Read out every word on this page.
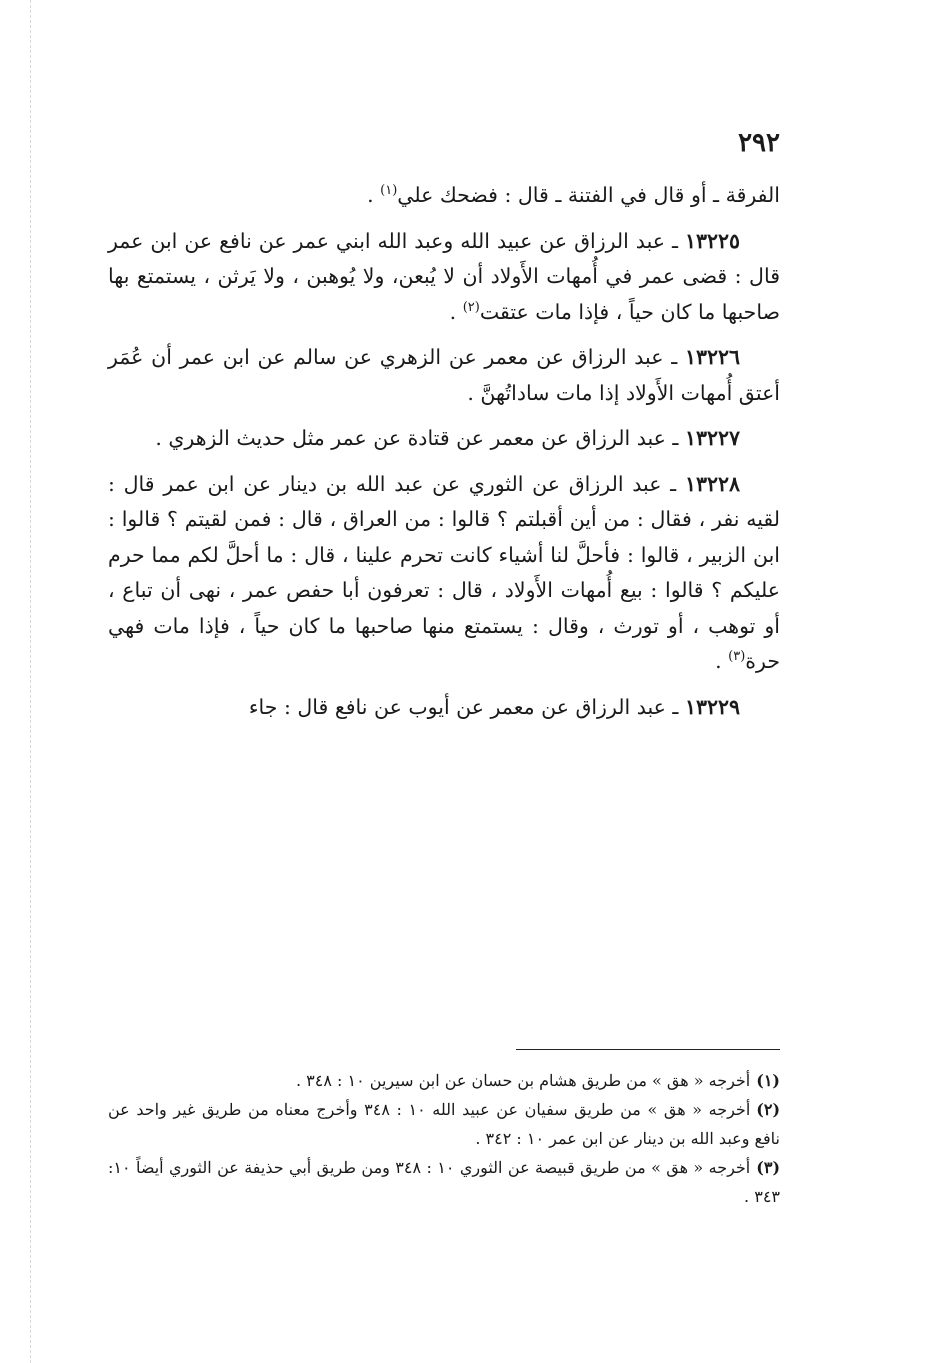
٢٩٢

الفرقة ـ أو قال في الفتنة ـ قال : فضحك علي$^{(١)}$ .

١٣٢٢٥ ـ عبد الرزاق عن عبيد الله وعبد الله ابني عمر عن نافع عن ابن عمر قال : قضى عمر في أُمهات الأَولاد أن لا يُبعن، ولا يُوهبن ، ولا يَرثن ، يستمتع بها صاحبها ما كان حياً ، فإذا مات عتقت$^{(٢)}$ .

١٣٢٢٦ ـ عبد الرزاق عن معمر عن الزهري عن سالم عن ابن عمر أن عُمَر أعتق أُمهات الأَولاد إذا مات ساداتُهنَّ .

١٣٢٢٧ ـ عبد الرزاق عن معمر عن قتادة عن عمر مثل حديث الزهري .

١٣٢٢٨ ـ عبد الرزاق عن الثوري عن عبد الله بن دينار عن ابن عمر قال : لقيه نفر ، فقال : من أين أقبلتم ؟ قالوا : من العراق ، قال : فمن لقيتم ؟ قالوا : ابن الزبير ، قالوا : فأحلَّ لنا أشياء كانت تحرم علينا ، قال : ما أحلَّ لكم مما حرم عليكم ؟ قالوا : بيع أُمهات الأَولاد ، قال : تعرفون أبا حفص عمر ، نهى أن تباع ، أو توهب ، أو تورث ، وقال : يستمتع منها صاحبها ما كان حياً ، فإذا مات فهي حرة$^{(٣)}$ .

١٣٢٢٩ ـ عبد الرزاق عن معمر عن أيوب عن نافع قال : جاء

(١)أخرجه « هق » من طريق هشام بن حسان عن ابن سيرين ١٠ : ٣٤٨ .

(٢)أخرجه « هق » من طريق سفيان عن عبيد الله ١٠ : ٣٤٨ وأخرج معناه من طريق غير واحد عن نافع وعبد الله بن دينار عن ابن عمر ١٠ : ٣٤٢ .

(٣)أخرجه « هق » من طريق قبيصة عن الثوري ١٠ : ٣٤٨ ومن طريق أبي حذيفة عن الثوري أيضاً ١٠: ٣٤٣ .
